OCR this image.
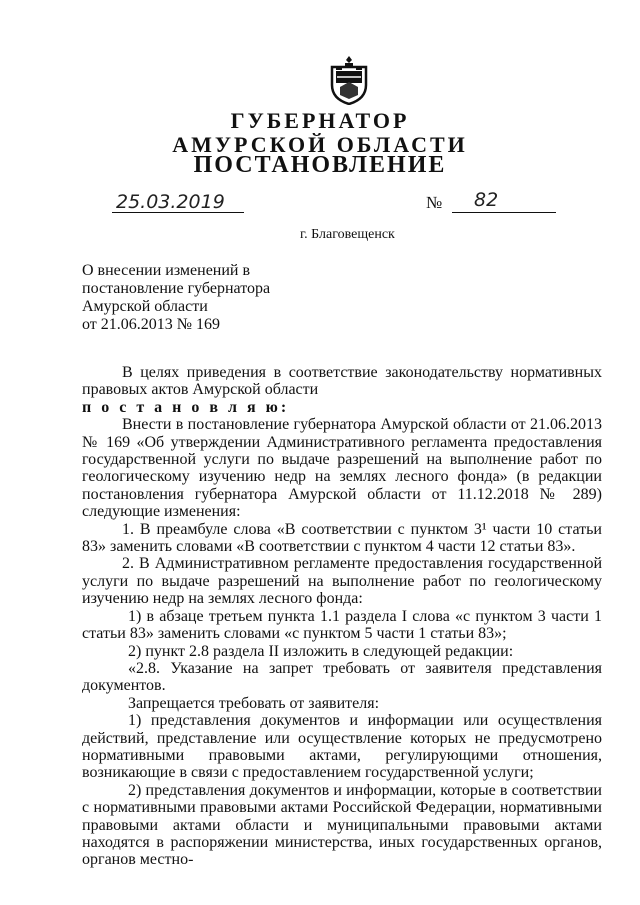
ГУБЕРНАТОР
АМУРСКОЙ ОБЛАСТИ
ПОСТАНОВЛЕНИЕ
25.03.2019	№ 82
г. Благовещенск
О внесении изменений в
постановление губернатора
Амурской области
от 21.06.2013 № 169

В целях приведения в соответствие законодательству нормативных правовых актов Амурской области

п о с т а н о в л я ю:

Внести в постановление губернатора Амурской области от 21.06.2013 № 169 «Об утверждении Административного регламента предоставления государственной услуги по выдаче разрешений на выполнение работ по геологическому изучению недр на землях лесного фонда» (в редакции постановления губернатора Амурской области от 11.12.2018 № 289) следующие изменения:

1. В преамбуле слова «В соответствии с пунктом 3¹ части 10 статьи 83» заменить словами «В соответствии с пунктом 4 части 12 статьи 83».

2. В Административном регламенте предоставления государственной услуги по выдаче разрешений на выполнение работ по геологическому изучению недр на землях лесного фонда:

1) в абзаце третьем пункта 1.1 раздела I слова «с пунктом 3 части 1 статьи 83» заменить словами «с пунктом 5 части 1 статьи 83»;

2) пункт 2.8 раздела II изложить в следующей редакции:

«2.8. Указание на запрет требовать от заявителя представления документов.

Запрещается требовать от заявителя:

1) представления документов и информации или осуществления действий, представление или осуществление которых не предусмотрено нормативными правовыми актами, регулирующими отношения, возникающие в связи с предоставлением государственной услуги;

2) представления документов и информации, которые в соответствии с нормативными правовыми актами Российской Федерации, нормативными правовыми актами области и муниципальными правовыми актами находятся в распоряжении министерства, иных государственных органов, органов местно-
